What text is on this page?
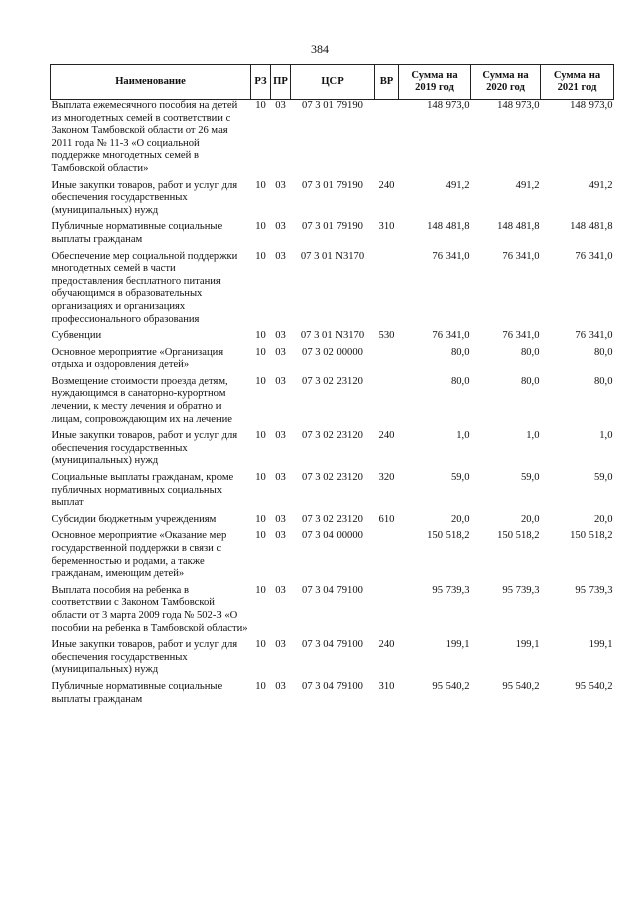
384
Наименование	РЗ	ПР	ЦСР	ВР	Сумма на 2019 год	Сумма на 2020 год	Сумма на 2021 год
Выплата ежемесячного пособия на детей из многодетных семей в соответствии с Законом Тамбовской области от 26 мая 2011 года № 11-З «О социальной поддержке многодетных семей в Тамбовской области»	10	03	07 3 01 79190		148 973,0	148 973,0	148 973,0
Иные закупки товаров, работ и услуг для обеспечения государственных (муниципальных) нужд	10	03	07 3 01 79190	240	491,2	491,2	491,2
Публичные нормативные социальные выплаты гражданам	10	03	07 3 01 79190	310	148 481,8	148 481,8	148 481,8
Обеспечение мер социальной поддержки многодетных семей в части предоставления бесплатного питания обучающимся в образовательных организациях и организациях профессионального образования	10	03	07 3 01 N3170		76 341,0	76 341,0	76 341,0
Субвенции	10	03	07 3 01 N3170	530	76 341,0	76 341,0	76 341,0
Основное мероприятие «Организация отдыха и оздоровления детей»	10	03	07 3 02 00000		80,0	80,0	80,0
Возмещение стоимости проезда детям, нуждающимся в санаторно-курортном лечении, к месту лечения и обратно и лицам, сопровождающим их на лечение	10	03	07 3 02 23120		80,0	80,0	80,0
Иные закупки товаров, работ и услуг для обеспечения государственных (муниципальных) нужд	10	03	07 3 02 23120	240	1,0	1,0	1,0
Социальные выплаты гражданам, кроме публичных нормативных социальных выплат	10	03	07 3 02 23120	320	59,0	59,0	59,0
Субсидии бюджетным учреждениям	10	03	07 3 02 23120	610	20,0	20,0	20,0
Основное мероприятие «Оказание мер государственной поддержки в связи с беременностью и родами, а также гражданам, имеющим детей»	10	03	07 3 04 00000		150 518,2	150 518,2	150 518,2
Выплата пособия на ребенка в соответствии с Законом Тамбовской области от 3 марта 2009 года № 502-З «О пособии на ребенка в Тамбовской области»	10	03	07 3 04 79100		95 739,3	95 739,3	95 739,3
Иные закупки товаров, работ и услуг для обеспечения государственных (муниципальных) нужд	10	03	07 3 04 79100	240	199,1	199,1	199,1
Публичные нормативные социальные выплаты гражданам	10	03	07 3 04 79100	310	95 540,2	95 540,2	95 540,2
